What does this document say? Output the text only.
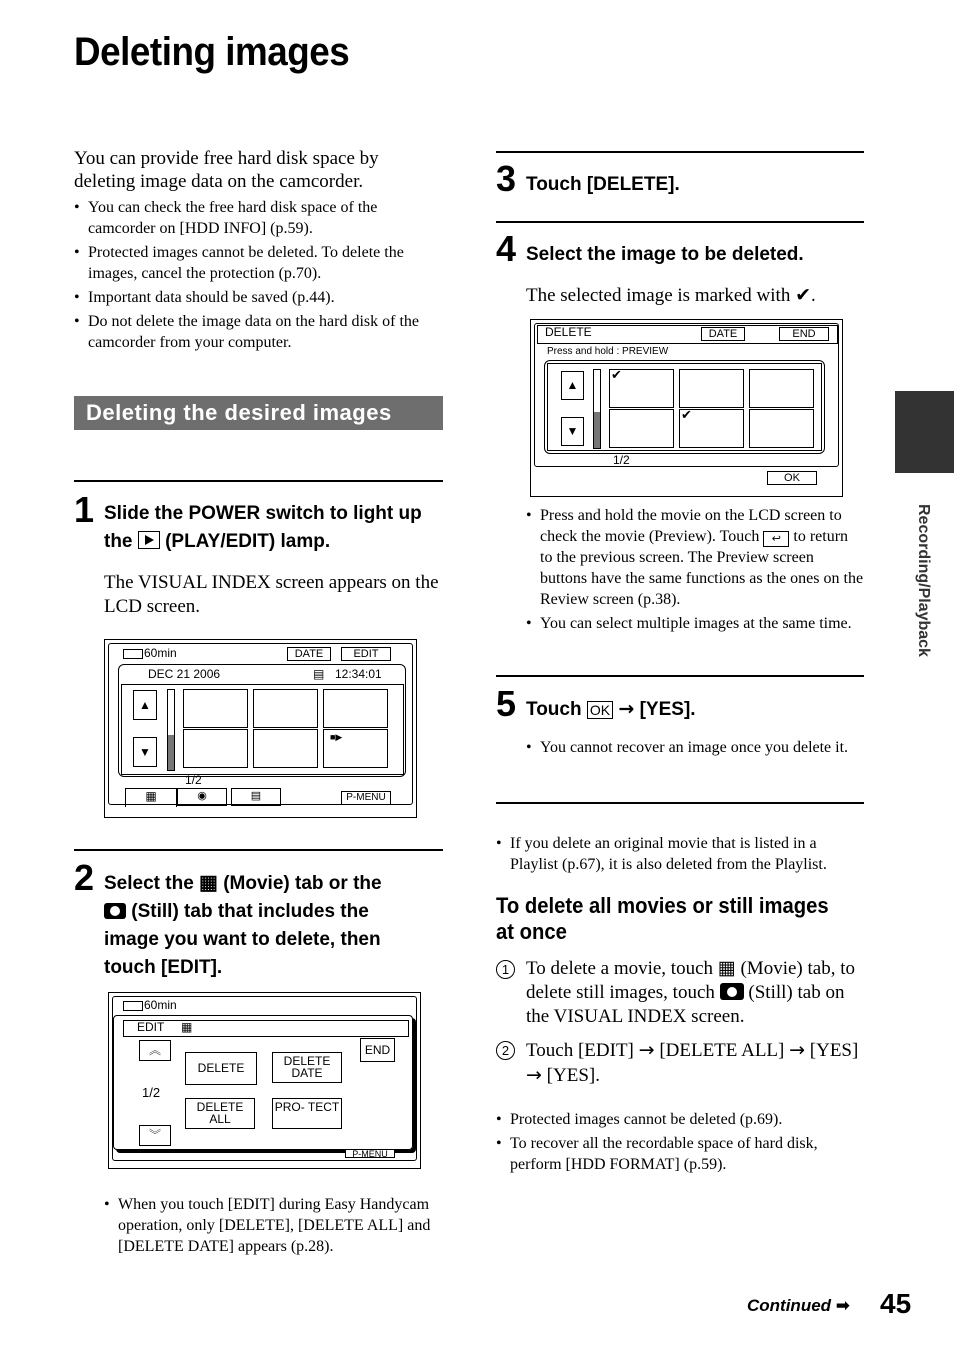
Deleting images
You can provide free hard disk space by deleting image data on the camcorder.
• You can check the free hard disk space of the camcorder on [HDD INFO] (p.59).
• Protected images cannot be deleted. To delete the images, cancel the protection (p.70).
• Important data should be saved (p.44).
• Do not delete the image data on the hard disk of the camcorder from your computer.
Deleting the desired images
1 Slide the POWER switch to light up
the (PLAY/EDIT) lamp.
The VISUAL INDEX screen appears on the LCD screen.
60min	DATE	EDIT
DEC 21 2006	▤ 12:34:01
▲
▼
■▶
1/2
▦	◉	▤	P-MENU
2 Select the ▦ (Movie) tab or the

(Still) tab that includes the
image you want to delete, then
touch [EDIT].
60min
EDIT ▦
︽
︾
1/2
END
DELETE	DELETE DATE
DELETE ALL
PRO- TECT
P-MENU
• When you touch [EDIT] during Easy Handycam operation, only [DELETE], [DELETE ALL] and [DELETE DATE] appears (p.28).
3 Touch [DELETE].
4 Select the image to be deleted.
The selected image is marked with ✔.
DELETE	DATE	END
Press and hold : PREVIEW
▲
▼
✔
✔
1/2
OK
• Press and hold the movie on the LCD screen to check the movie (Preview). Touch ↩ to return to the previous screen. The Preview screen buttons have the same functions as the ones on the Review screen (p.38).
• You can select multiple images at the same time.
5 Touch OK → [YES].
• You cannot recover an image once you delete it.
• If you delete an original movie that is listed in a Playlist (p.67), it is also deleted from the Playlist.
To delete all movies or still images at once
1 To delete a movie, touch ▦ (Movie) tab, to delete still images, touch (Still) tab on the VISUAL INDEX screen.
2 Touch [EDIT] → [DELETE ALL] → [YES] → [YES].
• Protected images cannot be deleted (p.69).
• To recover all the recordable space of hard disk, perform [HDD FORMAT] (p.59).
Recording/Playback
Continued ➡ 45
